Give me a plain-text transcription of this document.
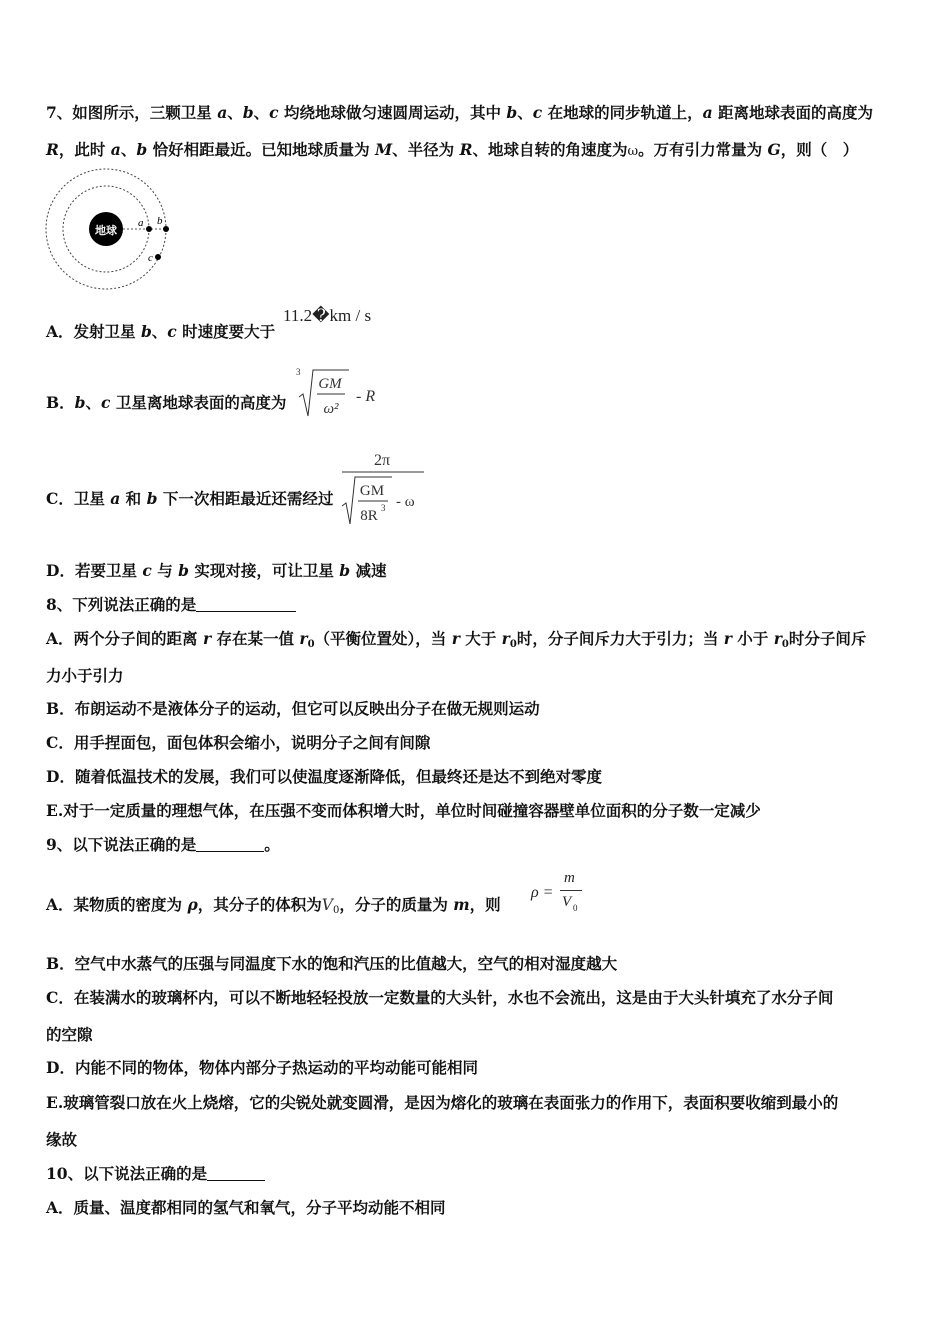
7、如图所示，三颗卫星 a、b、c 均绕地球做匀速圆周运动，其中 b、c 在地球的同步轨道上，a 距离地球表面的高度为
R，此时 a、b 恰好相距最近。已知地球质量为 M、半径为 R、地球自转的角速度为ω。万有引力常量为 G，则（　）
地球
a b
c
A．发射卫星 b、c 时速度要大于
11.2�km / s
B．b、c 卫星离地球表面的高度为
3
GM
ω²
- R
C．卫星 a 和 b 下一次相距最近还需经过
2π
GM
8R 3 - ω
D．若要卫星 c 与 b 实现对接，可让卫星 b 减速
8、下列说法正确的是
A．两个分子间的距离 r 存在某一值 $r_0$（平衡位置处），当 r 大于 $r_0$时，分子间斥力大于引力；当 r 小于 $r_0$时分子间斥
力小于引力
B．布朗运动不是液体分子的运动，但它可以反映出分子在做无规则运动
C．用手捏面包，面包体积会缩小，说明分子之间有间隙
D．随着低温技术的发展，我们可以使温度逐渐降低，但最终还是达不到绝对零度
E.对于一定质量的理想气体，在压强不变而体积增大时，单位时间碰撞容器壁单位面积的分子数一定减少
9、以下说法正确的是	。
A．某物质的密度为 ρ，其分子的体积为$V_0$，分子的质量为 m，则
ρ =
m
V 0
B．空气中水蒸气的压强与同温度下水的饱和汽压的比值越大，空气的相对湿度越大
C．在装满水的玻璃杯内，可以不断地轻轻投放一定数量的大头针，水也不会流出，这是由于大头针填充了水分子间
的空隙
D．内能不同的物体，物体内部分子热运动的平均动能可能相同
E.玻璃管裂口放在火上烧熔，它的尖锐处就变圆滑，是因为熔化的玻璃在表面张力的作用下，表面积要收缩到最小的
缘故
10、以下说法正确的是
A．质量、温度都相同的氢气和氧气，分子平均动能不相同
